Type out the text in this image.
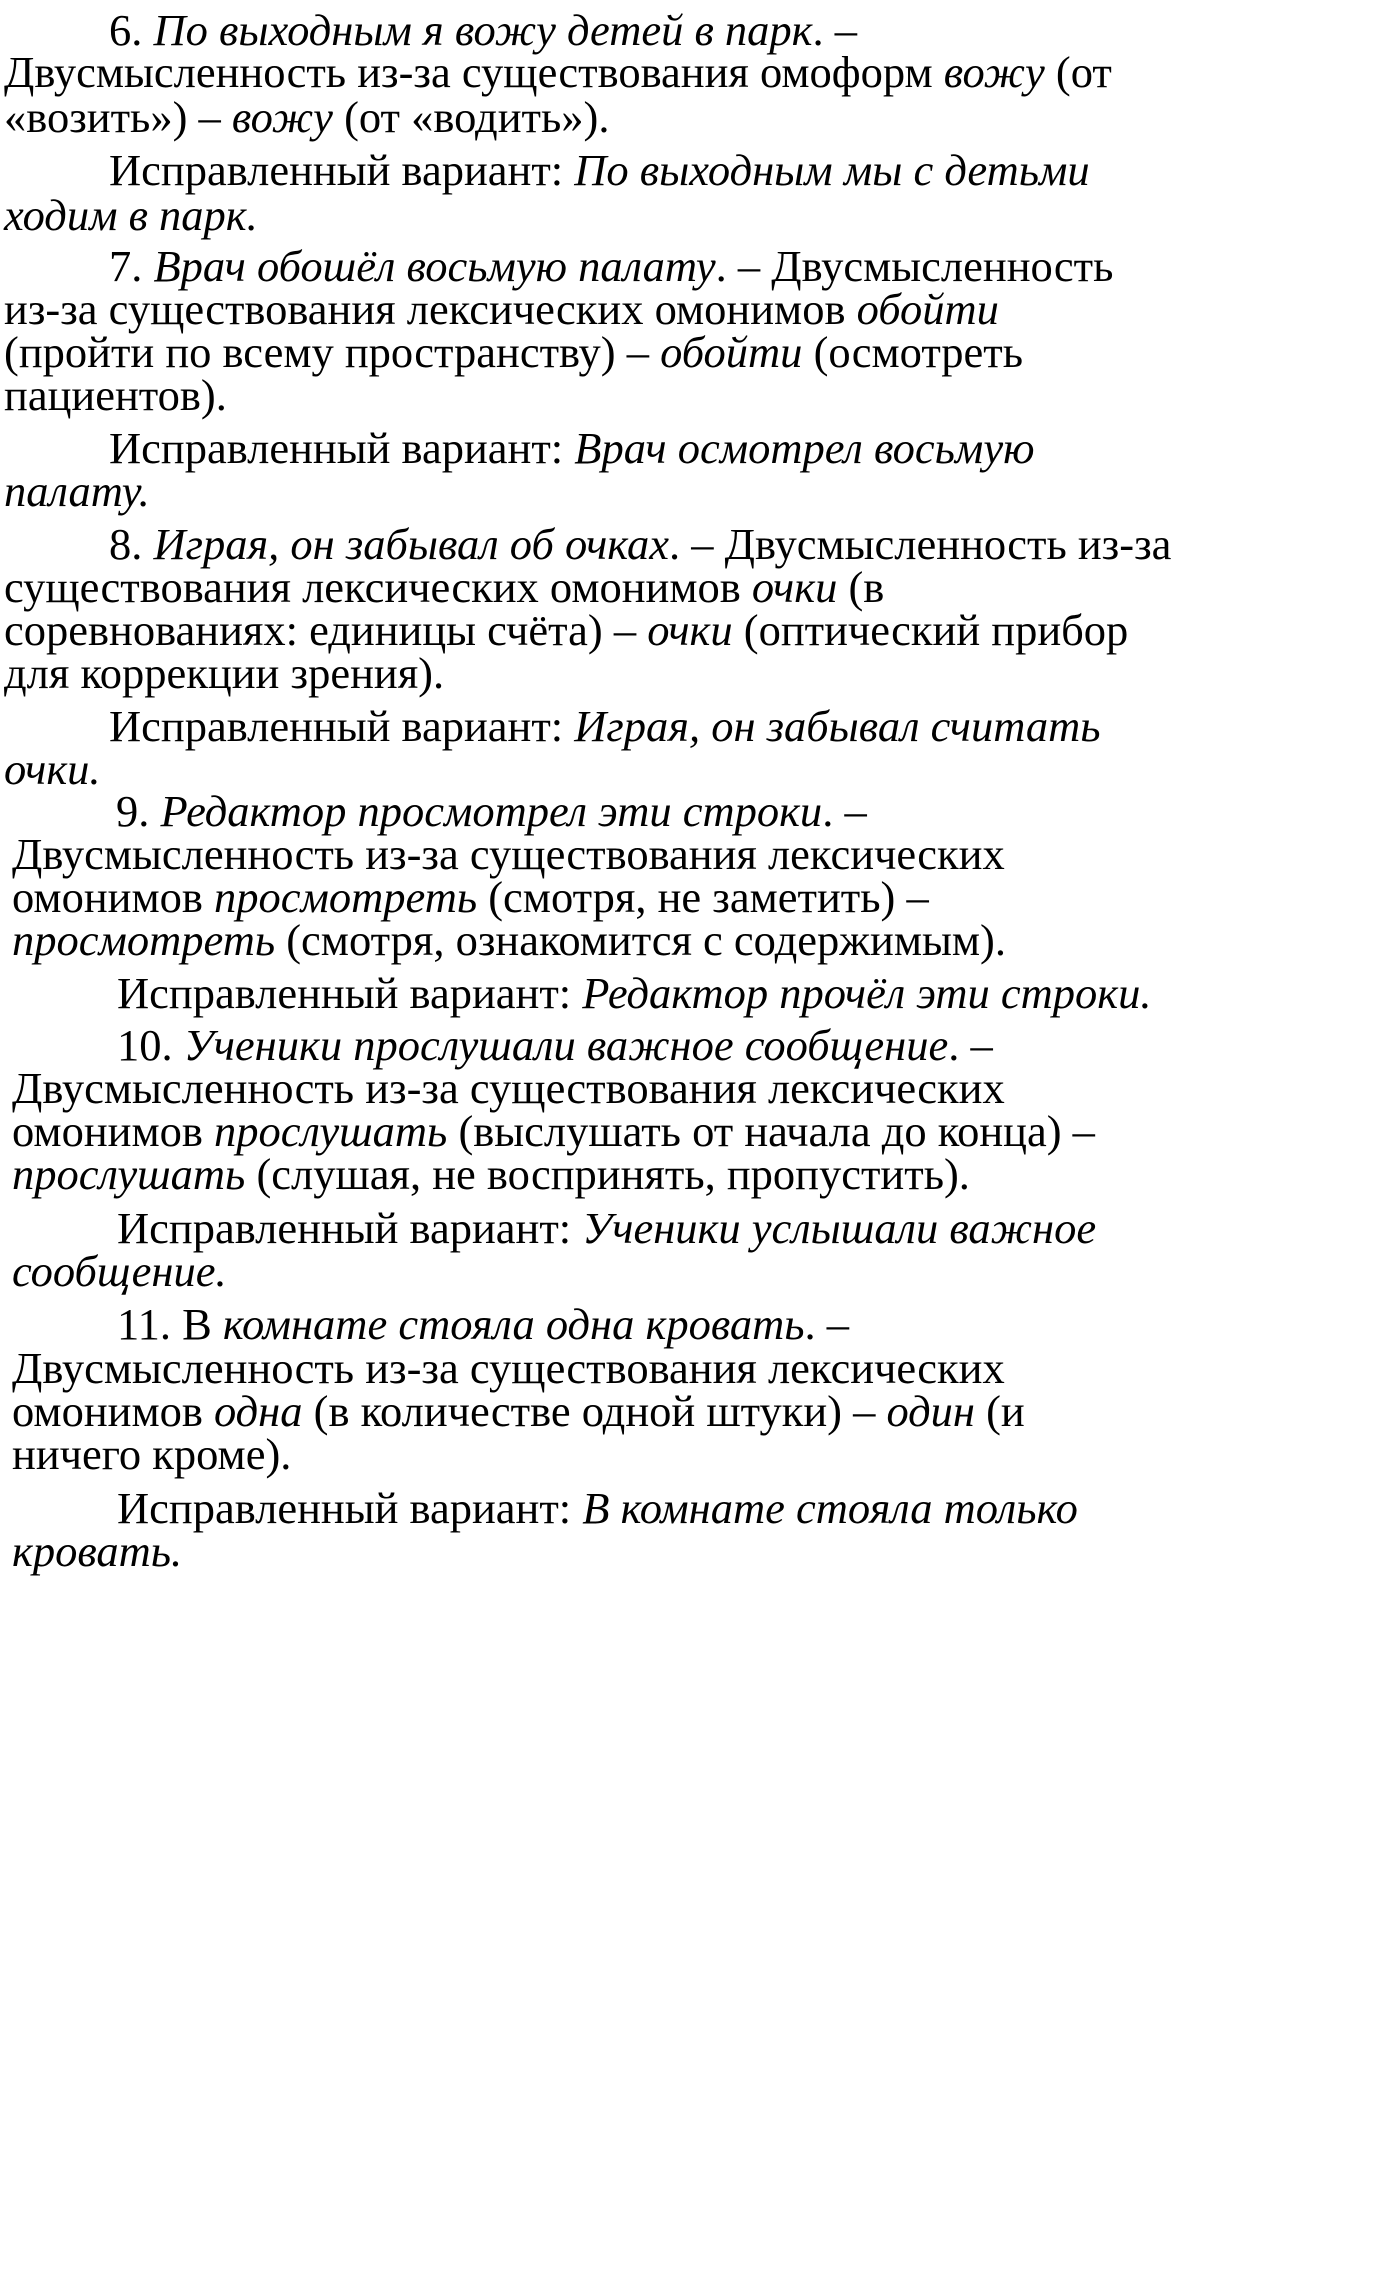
6. По выходным я вожу детей в парк. –
Двусмысленность из-за существования омоформ вожу (от
«возить») – вожу (от «водить»).
Исправленный вариант: По выходным мы с детьми
ходим в парк.
7. Врач обошёл восьмую палату. – Двусмысленность
из-за существования лексических омонимов обойти
(пройти по всему пространству) – обойти (осмотреть
пациентов).
Исправленный вариант: Врач осмотрел восьмую
палату.
8. Играя, он забывал об очках. – Двусмысленность из-за
существования лексических омонимов очки (в
соревнованиях: единицы счёта) – очки (оптический прибор
для коррекции зрения).
Исправленный вариант: Играя, он забывал считать
очки.
9. Редактор просмотрел эти строки. –
Двусмысленность из-за существования лексических
омонимов просмотреть (смотря, не заметить) –
просмотреть (смотря, ознакомится с содержимым).
Исправленный вариант: Редактор прочёл эти строки.
10. Ученики прослушали важное сообщение. –
Двусмысленность из-за существования лексических
омонимов прослушать (выслушать от начала до конца) –
прослушать (слушая, не воспринять, пропустить).
Исправленный вариант: Ученики услышали важное
сообщение.
11. В комнате стояла одна кровать. –
Двусмысленность из-за существования лексических
омонимов одна (в количестве одной штуки) – один (и
ничего кроме).
Исправленный вариант: В комнате стояла только
кровать.
